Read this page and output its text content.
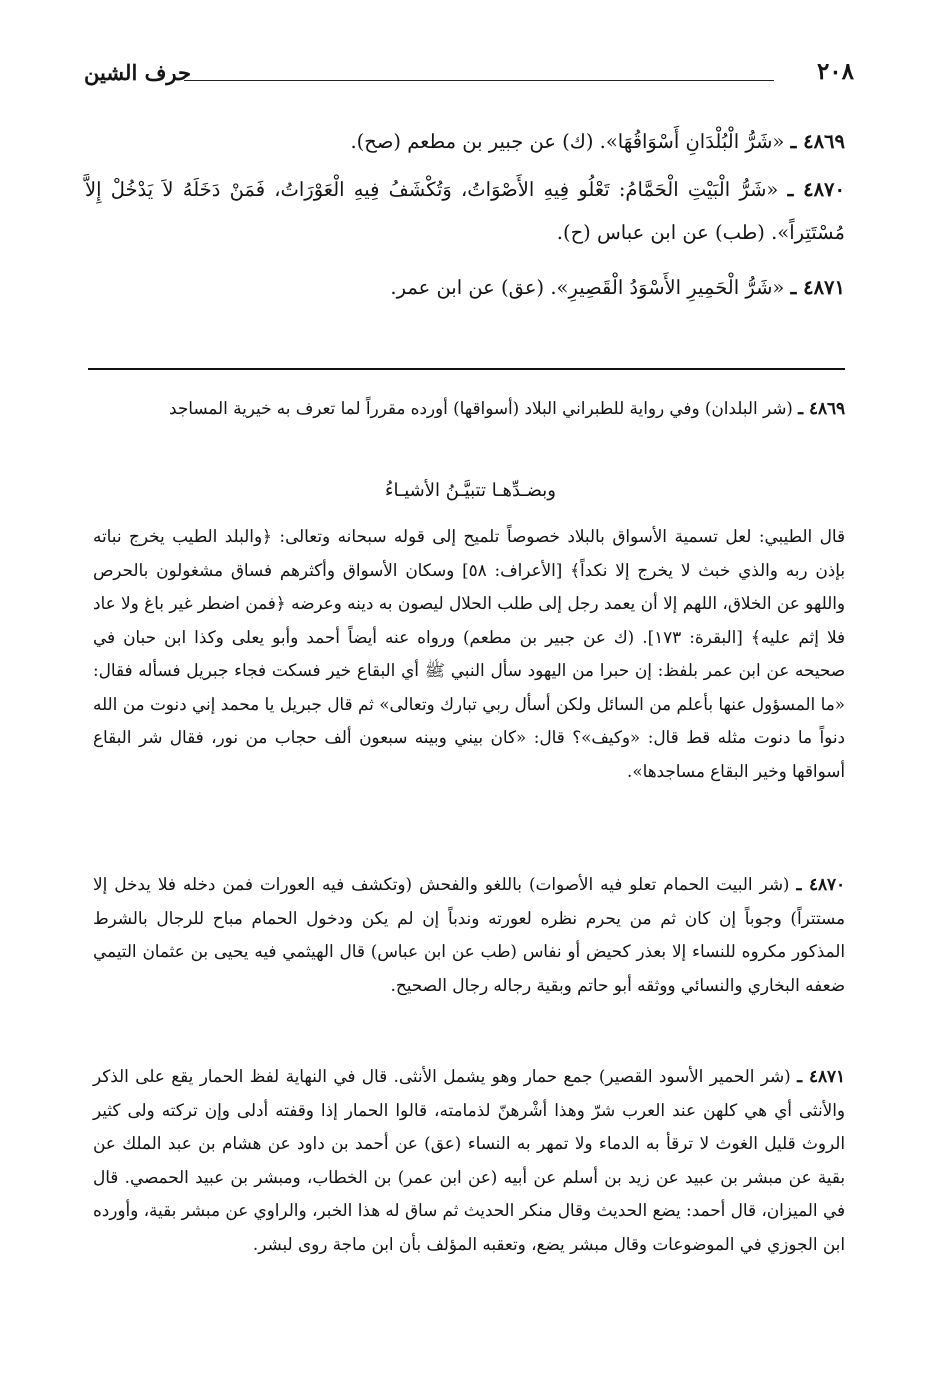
٢٠٨
حرف الشين
٤٨٦٩ ـ «شَرُّ الْبُلْدَانِ أَسْوَاقُهَا». (ك) عن جبير بن مطعم (صح).
٤٨٧٠ ـ «شَرُّ الْبَيْتِ الْحَمَّامُ: تَعْلُو فِيهِ الأَصْوَاتُ، وَتُكْشَفُ فِيهِ الْعَوْرَاتُ، فَمَنْ دَخَلَهُ لاَ يَدْخُلْ إِلاَّ مُسْتَتِراً». (طب) عن ابن عباس (ح).
٤٨٧١ ـ «شَرُّ الْحَمِيرِ الأَسْوَدُ الْقَصِيرِ». (عق) عن ابن عمر.
٤٨٦٩ ـ (شر البلدان) وفي رواية للطبراني البلاد (أسواقها) أورده مقرراً لما تعرف به خيرية المساجد
وبضـدِّهـا تتبيَّـنُ الأشيـاءُ
قال الطيبي: لعل تسمية الأسواق بالبلاد خصوصاً تلميح إلى قوله سبحانه وتعالى: ﴿والبلد الطيب يخرج نباته بإذن ربه والذي خبث لا يخرج إلا نكداً﴾ [الأعراف: ٥٨] وسكان الأسواق وأكثرهم فساق مشغولون بالحرص واللهو عن الخلاق، اللهم إلا أن يعمد رجل إلى طلب الحلال ليصون به دينه وعرضه ﴿فمن اضطر غير باغ ولا عاد فلا إثم عليه﴾ [البقرة: ١٧٣]. (ك عن جبير بن مطعم) ورواه عنه أيضاً أحمد وأبو يعلى وكذا ابن حبان في صحيحه عن ابن عمر بلفظ: إن حبرا من اليهود سأل النبي ﷺ أي البقاع خير فسكت فجاء جبريل فسأله فقال: «ما المسؤول عنها بأعلم من السائل ولكن أسأل ربي تبارك وتعالى» ثم قال جبريل يا محمد إني دنوت من الله دنواً ما دنوت مثله قط قال: «وكيف»؟ قال: «كان بيني وبينه سبعون ألف حجاب من نور، فقال شر البقاع أسواقها وخير البقاع مساجدها».
٤٨٧٠ ـ (شر البيت الحمام تعلو فيه الأصوات) باللغو والفحش (وتكشف فيه العورات فمن دخله فلا يدخل إلا مستتراً) وجوباً إن كان ثم من يحرم نظره لعورته وندباً إن لم يكن ودخول الحمام مباح للرجال بالشرط المذكور مكروه للنساء إلا بعذر كحيض أو نفاس (طب عن ابن عباس) قال الهيثمي فيه يحيى بن عثمان التيمي ضعفه البخاري والنسائي ووثقه أبو حاتم وبقية رجاله رجال الصحيح.
٤٨٧١ ـ (شر الحمير الأسود القصير) جمع حمار وهو يشمل الأنثى. قال في النهاية لفظ الحمار يقع على الذكر والأنثى أي هي كلهن عند العرب شرّ وهذا أشْرهنّ لذمامته، قالوا الحمار إذا وقفته أدلى وإن تركته ولى كثير الروث قليل الغوث لا ترقأ به الدماء ولا تمهر به النساء (عق) عن أحمد بن داود عن هشام بن عبد الملك عن بقية عن مبشر بن عبيد عن زيد بن أسلم عن أبيه (عن ابن عمر) بن الخطاب، ومبشر بن عبيد الحمصي. قال في الميزان، قال أحمد: يضع الحديث وقال منكر الحديث ثم ساق له هذا الخبر، والراوي عن مبشر بقية، وأورده ابن الجوزي في الموضوعات وقال مبشر يضع، وتعقبه المؤلف بأن ابن ماجة روى لبشر.
